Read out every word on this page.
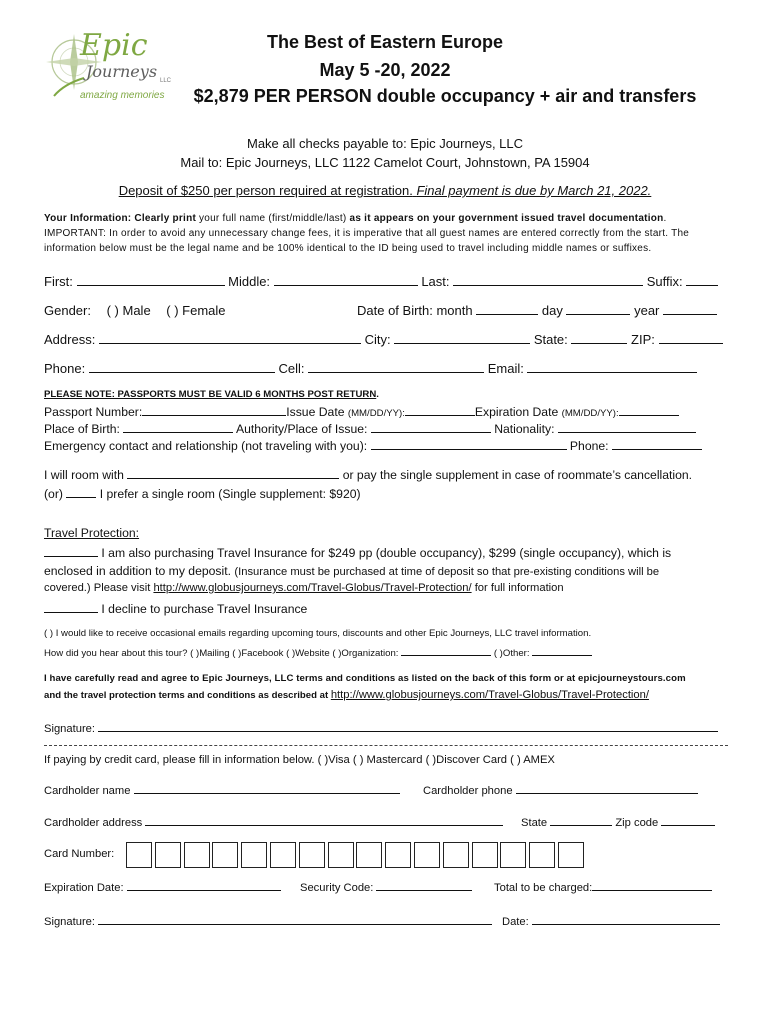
Epic
Journeys LLC
amazing memories
The Best of Eastern Europe
May 5 -20, 2022
$2,879 PER PERSON double occupancy + air and transfers
Make all checks payable to: Epic Journeys, LLC
Mail to: Epic Journeys, LLC 1122 Camelot Court, Johnstown, PA 15904
Deposit of $250 per person required at registration. Final payment is due by March 21, 2022.
Your Information: Clearly print your full name (first/middle/last) as it appears on your government issued travel documentation. IMPORTANT: In order to avoid any unnecessary change fees, it is imperative that all guest names are entered correctly from the start. The information below must be the legal name and be 100% identical to the ID being used to travel including middle names or suffixes.
First:	Middle:	Last:	Suffix:
Gender: ( ) Male ( ) Female	Date of Birth: month	day	year
Address:	City:	State:	ZIP:
Phone:	Cell:	Email:
PLEASE NOTE: PASSPORTS MUST BE VALID 6 MONTHS POST RETURN.
Passport Number:	Issue Date (MM/DD/YY):	Expiration Date (MM/DD/YY):
Place of Birth:	Authority/Place of Issue:	Nationality:
Emergency contact and relationship (not traveling with you):	Phone:
I will room with	or pay the single supplement in case of roommate’s cancellation.
(or)	I prefer a single room (Single supplement: $920)
Travel Protection:
I am also purchasing Travel Insurance for $249 pp (double occupancy), $299 (single occupancy), which is
enclosed in addition to my deposit. (Insurance must be purchased at time of deposit so that pre-existing conditions will be
covered.) Please visit http://www.globusjourneys.com/Travel-Globus/Travel-Protection/ for full information
I decline to purchase Travel Insurance
( ) I would like to receive occasional emails regarding upcoming tours, discounts and other Epic Journeys, LLC travel information.
How did you hear about this tour? ( )Mailing ( )Facebook ( )Website ( )Organization:	( )Other:
I have carefully read and agree to Epic Journeys, LLC terms and conditions as listed on the back of this form or at epicjourneystours.com
and the travel protection terms and conditions as described at http://www.globusjourneys.com/Travel-Globus/Travel-Protection/
Signature:
If paying by credit card, please fill in information below. ( )Visa ( ) Mastercard ( )Discover Card ( ) AMEX
Cardholder name	Cardholder phone
Cardholder address	State	Zip code
Card Number:
Expiration Date:	Security Code:	Total to be charged:
Signature:	Date:
